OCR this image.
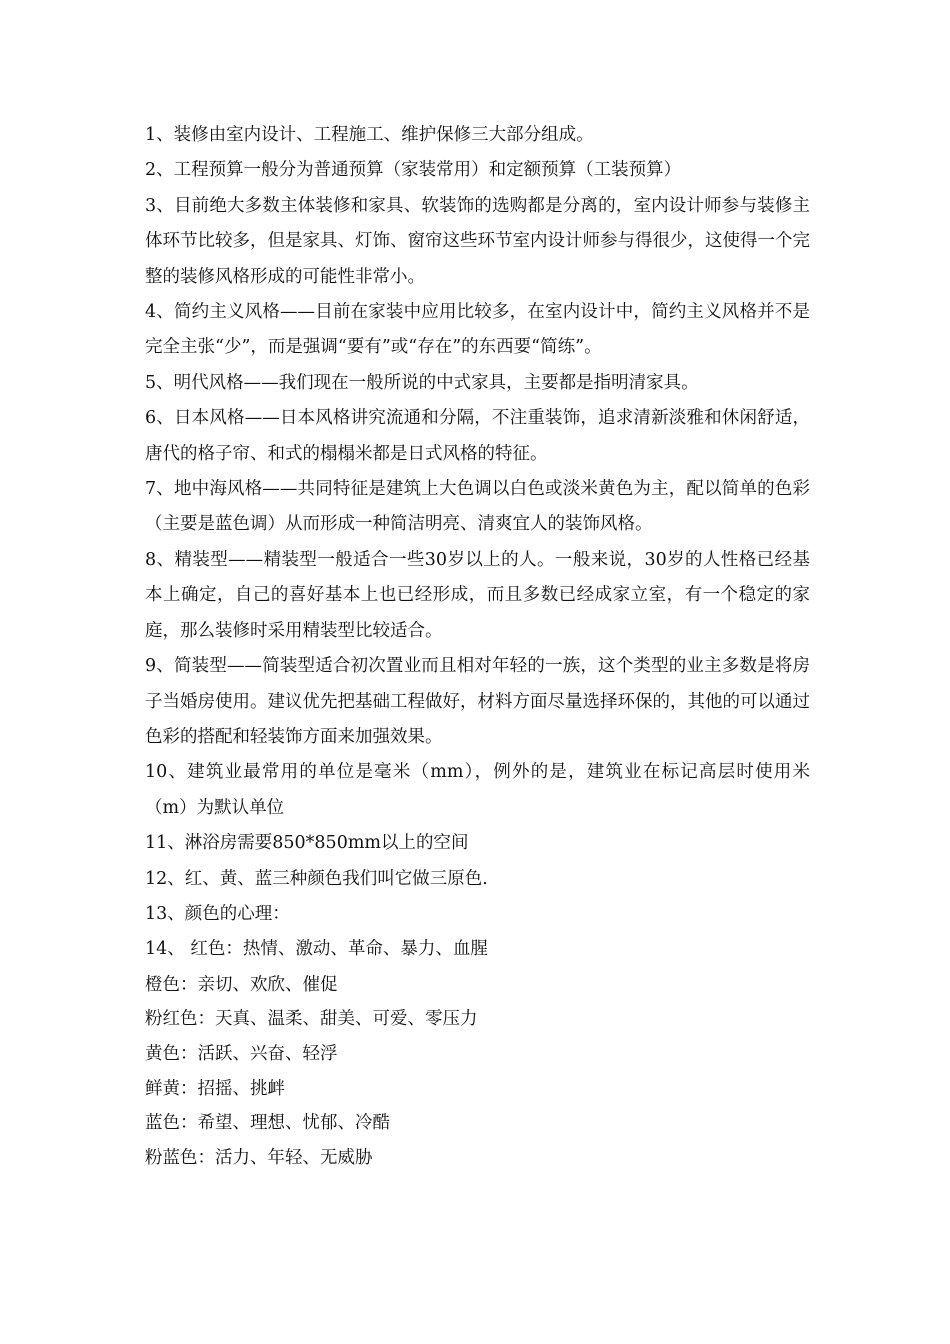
1、装修由室内设计、工程施工、维护保修三大部分组成。

2、工程预算一般分为普通预算（家装常用）和定额预算（工装预算）

3、目前绝大多数主体装修和家具、软装饰的选购都是分离的，室内设计师参与装修主体环节比较多，但是家具、灯饰、窗帘这些环节室内设计师参与得很少，这使得一个完整的装修风格形成的可能性非常小。

4、简约主义风格——目前在家装中应用比较多，在室内设计中，简约主义风格并不是完全主张“少”，而是强调“要有”或“存在”的东西要“简练”。

5、明代风格——我们现在一般所说的中式家具，主要都是指明清家具。

6、日本风格——日本风格讲究流通和分隔，不注重装饰，追求清新淡雅和休闲舒适，唐代的格子帘、和式的榻榻米都是日式风格的特征。

7、地中海风格——共同特征是建筑上大色调以白色或淡米黄色为主，配以简单的色彩（主要是蓝色调）从而形成一种简洁明亮、清爽宜人的装饰风格。

8、精装型——精装型一般适合一些30岁以上的人。一般来说，30岁的人性格已经基本上确定，自己的喜好基本上也已经形成，而且多数已经成家立室，有一个稳定的家庭，那么装修时采用精装型比较适合。

9、简装型——简装型适合初次置业而且相对年轻的一族，这个类型的业主多数是将房子当婚房使用。建议优先把基础工程做好，材料方面尽量选择环保的，其他的可以通过色彩的搭配和轻装饰方面来加强效果。

10、建筑业最常用的单位是毫米（mm），例外的是，建筑业在标记高层时使用米（m）为默认单位

11、淋浴房需要850*850mm以上的空间

12、红、黄、蓝三种颜色我们叫它做三原色.

13、颜色的心理：

14、 红色：热情、激动、革命、暴力、血腥

橙色：亲切、欢欣、催促

粉红色：天真、温柔、甜美、可爱、零压力

黄色：活跃、兴奋、轻浮

鲜黄：招摇、挑衅

蓝色：希望、理想、忧郁、冷酷

粉蓝色：活力、年轻、无威胁
